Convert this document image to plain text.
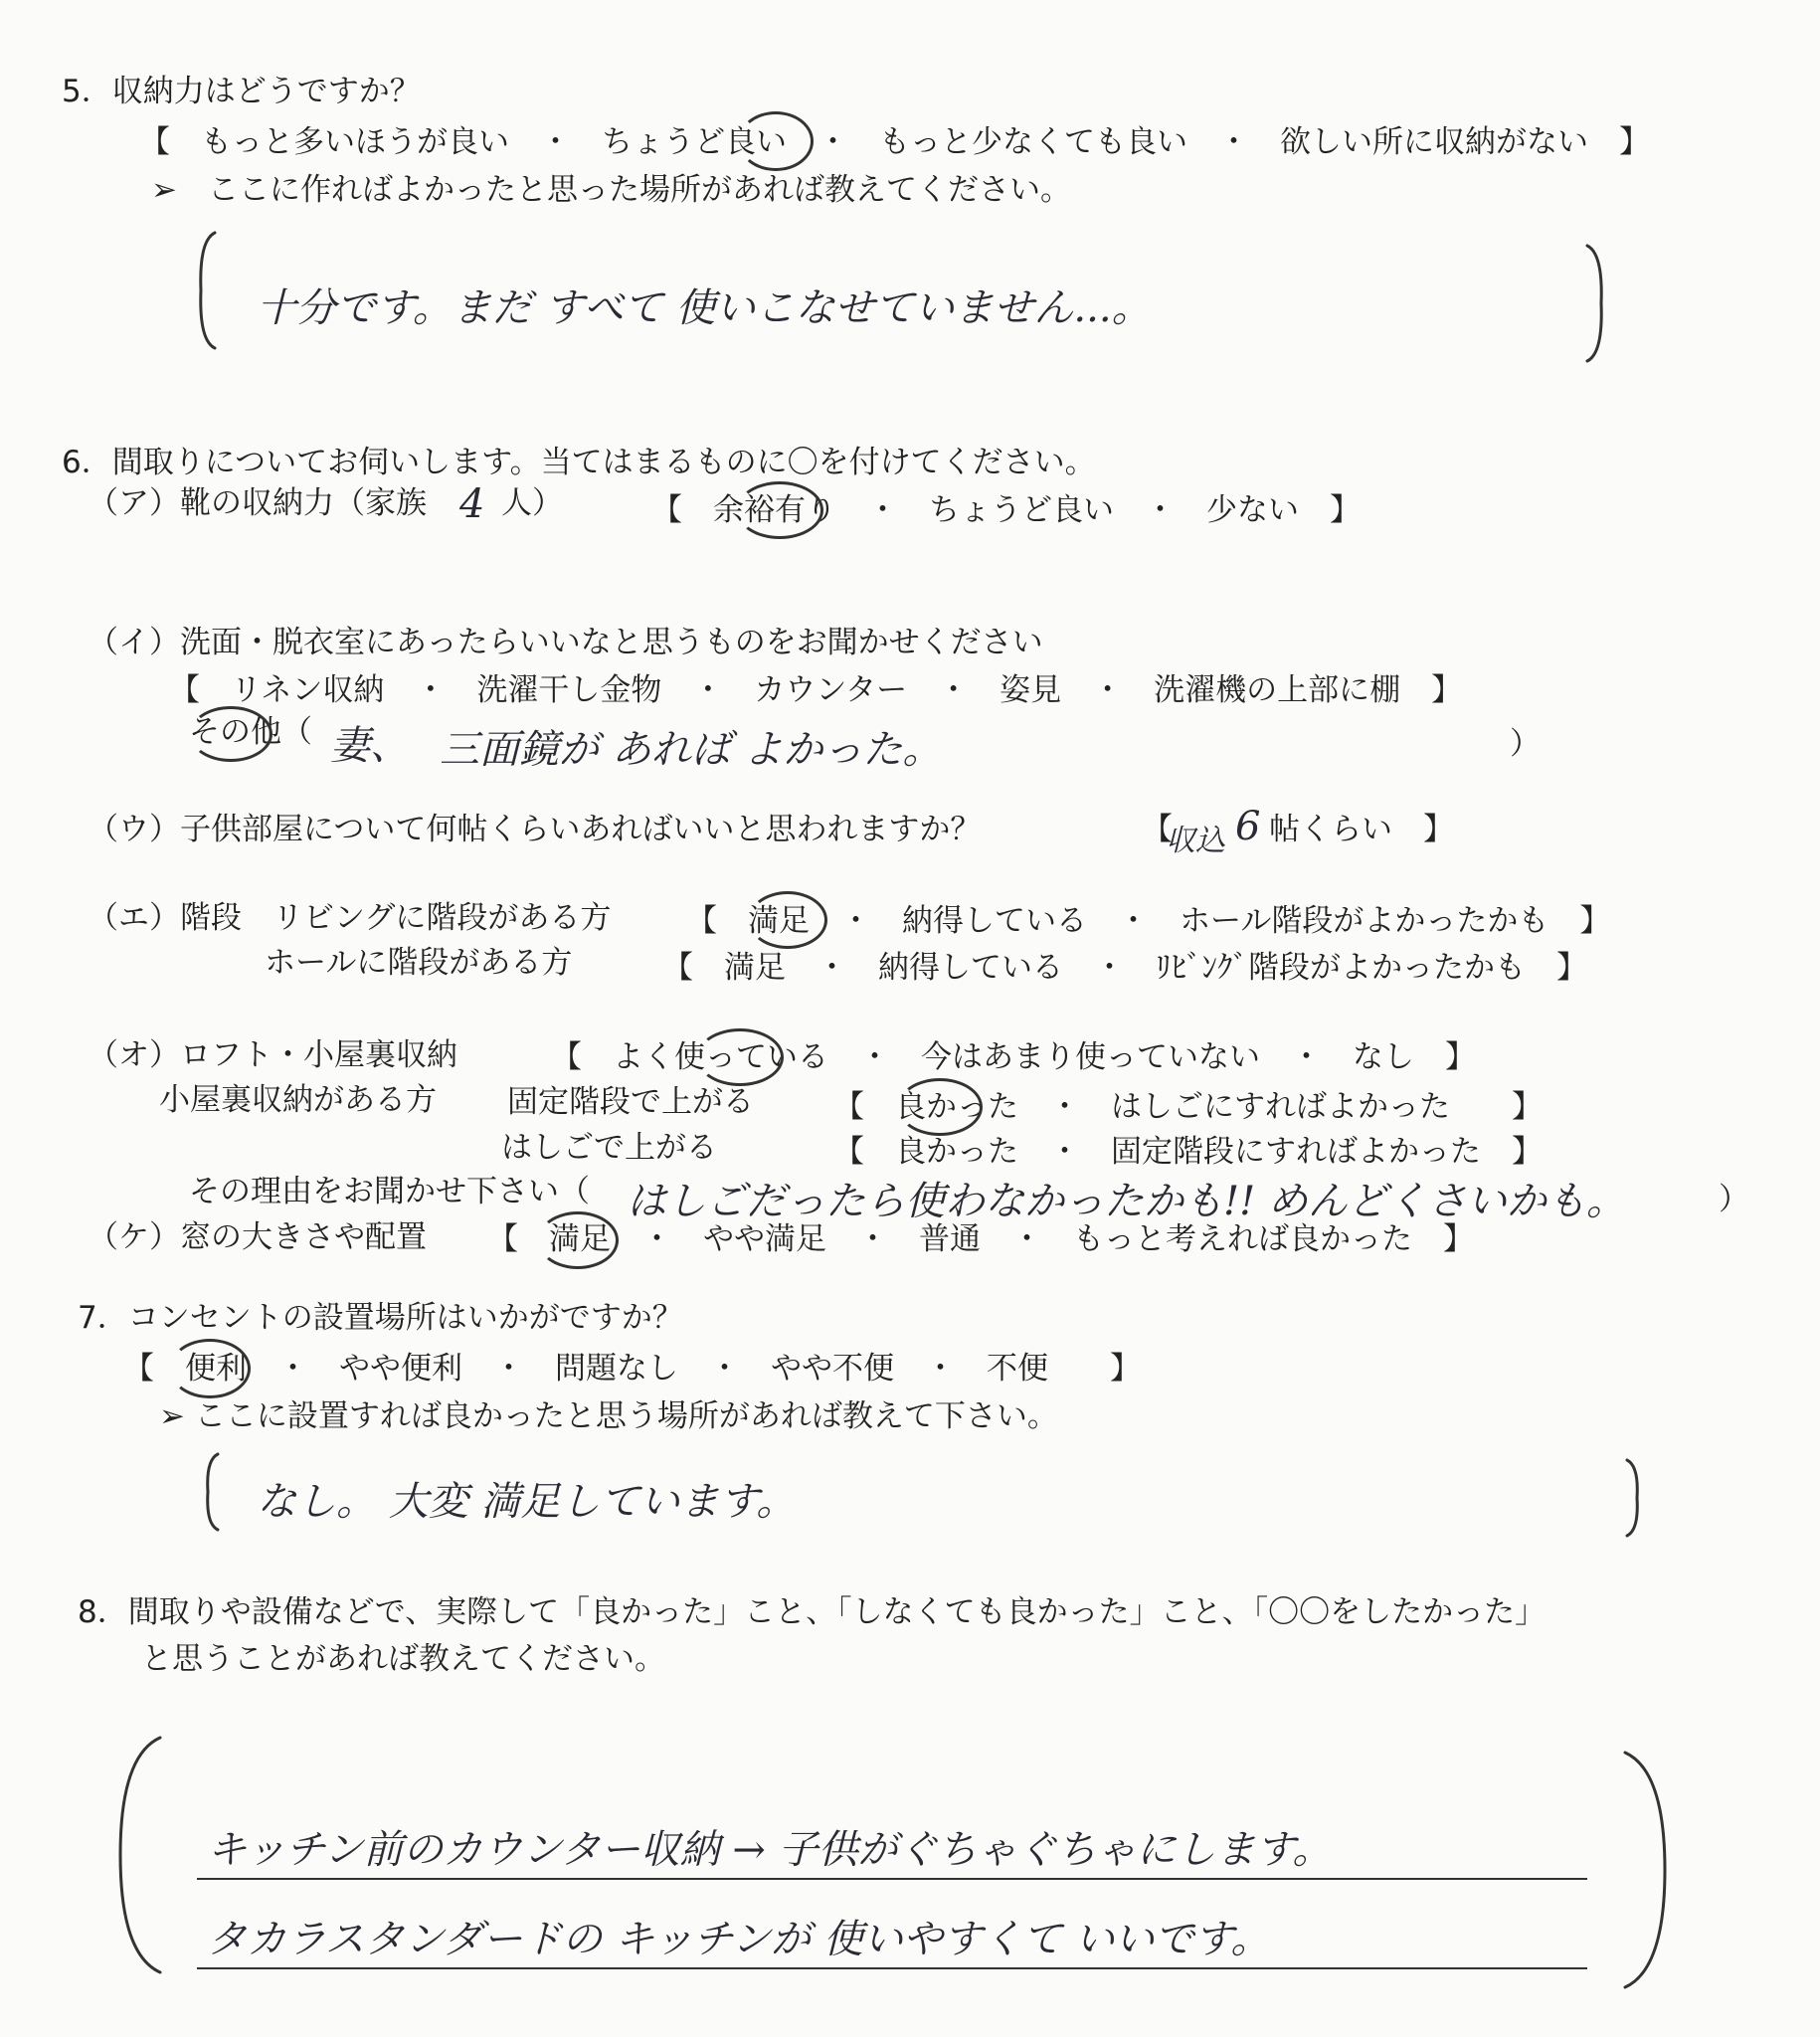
5．収納力はどうですか？
【　もっと多いほうが良い　・　ちょうど良い　・　もっと少なくても良い　・　欲しい所に収納がない　】
➢　ここに作ればよかったと思った場所があれば教えてください。
十分です。まだ すべて 使いこなせていません...。
6．間取りについてお伺いします。当てはまるものに〇を付けてください。
（ア）靴の収納力（家族 4 人）	【　余裕有り　・　ちょうど良い　・　少ない　】
（イ）洗面・脱衣室にあったらいいなと思うものをお聞かせください
【　リネン収納　・　洗濯干し金物　・　カウンター　・　姿見　・　洗濯機の上部に棚　】
その他（ 妻、 三面鏡が あれば よかった。	）
（ウ）子供部屋について何帖くらいあればいいと思われますか？	【
収込 6 帖くらい　】
（エ）階段　リビングに階段がある方 【　満足　・　納得している　・　ホール階段がよかったかも　】
ホールに階段がある方	【　満足　・　納得している　・　ﾘﾋﾞﾝｸﾞ階段がよかったかも　】
（オ）ロフト・小屋裏収納	【　よく使っている　・　今はあまり使っていない　・　なし　】
小屋裏収納がある方 固定階段で上がる	【　良かった　・　はしごにすればよかった　　】
はしごで上がる	【　良かった　・　固定階段にすればよかった　】
その理由をお聞かせ下さい（ はしごだったら使わなかったかも!! めんどくさいかも。	）
（ケ）窓の大きさや配置 【　満足　・　やや満足　・　普通　・　もっと考えれば良かった　】
7．コンセントの設置場所はいかがですか？
【　便利　・　やや便利　・　問題なし　・　やや不便　・　不便　　】
➢ ここに設置すれば良かったと思う場所があれば教えて下さい。
なし。 大変 満足しています。
8．間取りや設備などで、実際して「良かった」こと、「しなくても良かった」こと、「〇〇をしたかった」
と思うことがあれば教えてください。
キッチン前のカウンター収納 → 子供がぐちゃぐちゃにします。
タカラスタンダードの キッチンが 使いやすくて いいです。
